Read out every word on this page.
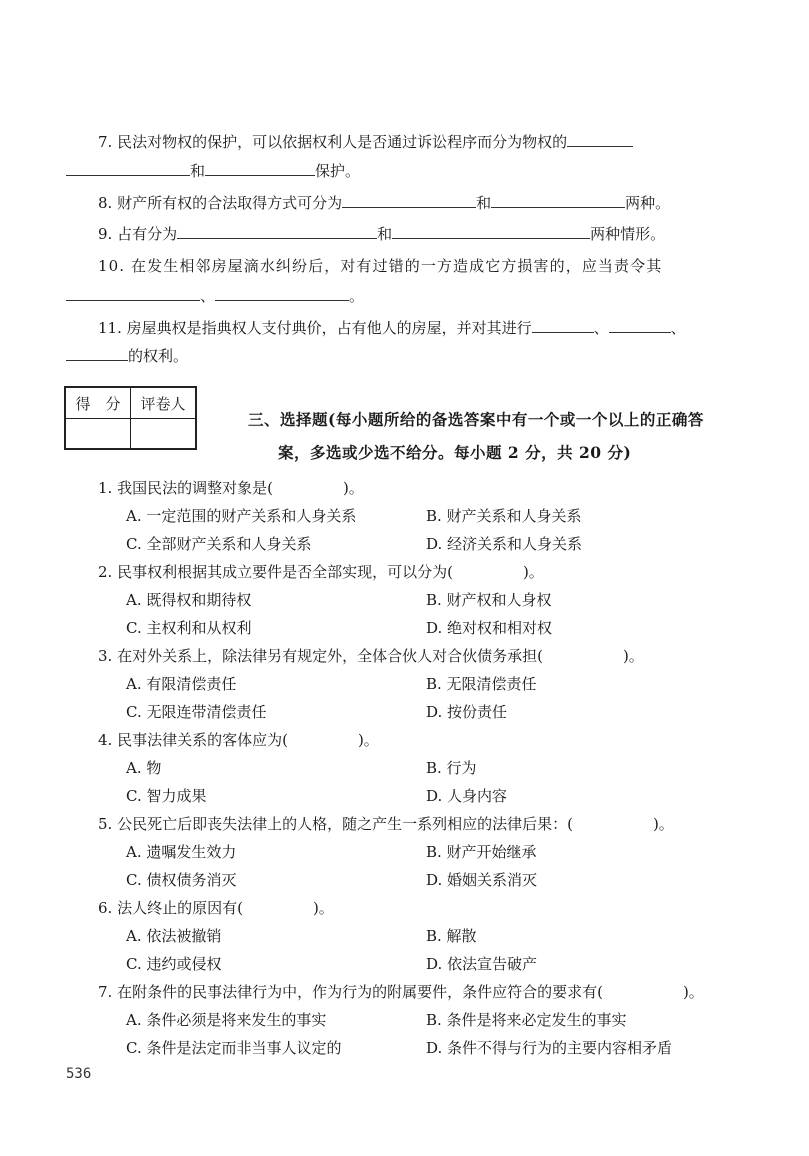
7. 民法对物权的保护，可以依据权利人是否通过诉讼程序而分为物权的
和	保护。
8. 财产所有权的合法取得方式可分为	和	两种。
9. 占有分为	和	两种情形。
10. 在发生相邻房屋滴水纠纷后，对有过错的一方造成它方损害的，应当责令其
、	。
11. 房屋典权是指典权人支付典价，占有他人的房屋，并对其进行	、	、
的权利。
得　分	评卷人

三、选择题(每小题所给的备选答案中有一个或一个以上的正确答
案，多选或少选不给分。每小题 2 分，共 20 分)
1. 我国民法的调整对象是(	)。
A. 一定范围的财产关系和人身关系	B. 财产关系和人身关系
C. 全部财产关系和人身关系	D. 经济关系和人身关系
2. 民事权利根据其成立要件是否全部实现，可以分为(	)。
A. 既得权和期待权	B. 财产权和人身权
C. 主权利和从权利	D. 绝对权和相对权
3. 在对外关系上，除法律另有规定外，全体合伙人对合伙债务承担(	)。
A. 有限清偿责任	B. 无限清偿责任
C. 无限连带清偿责任	D. 按份责任
4. 民事法律关系的客体应为(	)。
A. 物	B. 行为
C. 智力成果	D. 人身内容
5. 公民死亡后即丧失法律上的人格，随之产生一系列相应的法律后果：(	)。
A. 遗嘱发生效力	B. 财产开始继承
C. 债权债务消灭	D. 婚姻关系消灭
6. 法人终止的原因有(	)。
A. 依法被撤销	B. 解散
C. 违约或侵权	D. 依法宣告破产
7. 在附条件的民事法律行为中，作为行为的附属要件，条件应符合的要求有(	)。
A. 条件必须是将来发生的事实	B. 条件是将来必定发生的事实
C. 条件是法定而非当事人议定的	D. 条件不得与行为的主要内容相矛盾
536
